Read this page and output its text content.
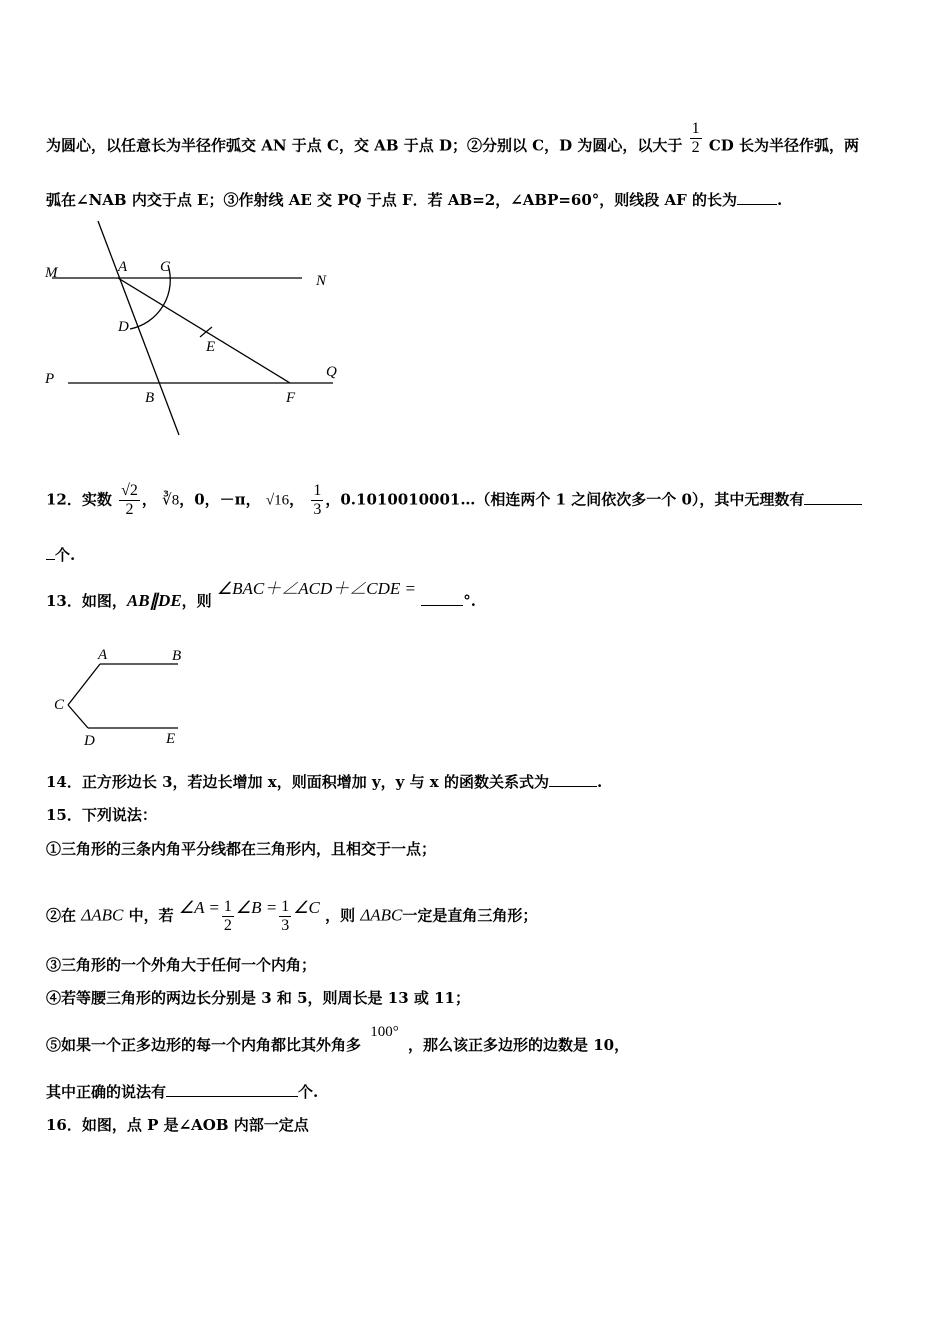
为圆心，以任意长为半径作弧交 AN 于点 C，交 AB 于点 D；②分别以 C，D 为圆心，以大于 $\frac{1}{2}$ CD 长为半径作弧，两
弧在∠NAB 内交于点 E；③作射线 AE 交 PQ 于点 F．若 AB=2，∠ABP=60°，则线段 AF 的长为	.
M	A C
N
D
E
P	Q
B	F
12．实数 $\frac{√2}{2}$ ， ∛8，0，－π， √16， $\frac{1}{3}$ ，0.1010010001…（相连两个 1 之间依次多一个 0），其中无理数有
个.
13．如图，AB∥DE，则 ∠BAC＋∠ACD＋∠CDE = °.
A	B
C
D	E
14．正方形边长 3，若边长增加 x，则面积增加 y，y 与 x 的函数关系式为	.
15．下列说法：
①三角形的三条内角平分线都在三角形内，且相交于一点；
②在 ΔABC 中，若 ∠A = $\frac{1}{2}$ ∠B = $\frac{1}{3}$ ∠C ，则 ΔABC一定是直角三角形；
③三角形的一个外角大于任何一个内角；
④若等腰三角形的两边长分别是 3 和 5，则周长是 13 或 11；
⑤如果一个正多边形的每一个内角都比其外角多 100° ，那么该正多边形的边数是 10，
其中正确的说法有	个.
16．如图，点 P 是∠AOB 内部一定点
